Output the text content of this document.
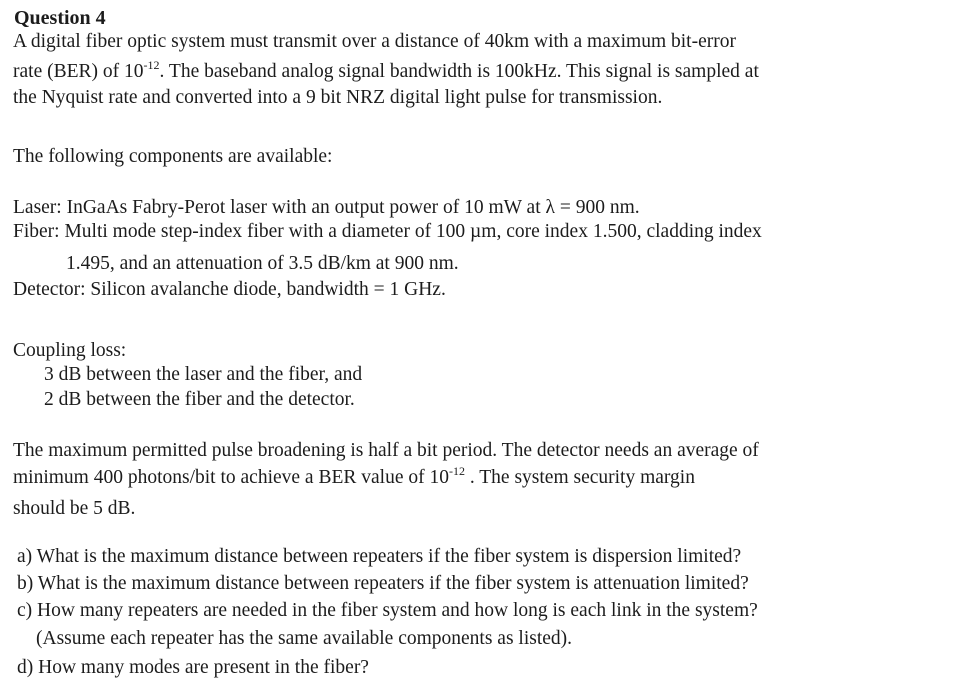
Question 4
A digital fiber optic system must transmit over a distance of 40km with a maximum bit-error
rate (BER) of $10^{-12}$. The baseband analog signal bandwidth is 100kHz. This signal is sampled at
the Nyquist rate and converted into a 9 bit NRZ digital light pulse for transmission.
The following components are available:
Laser: InGaAs Fabry-Perot laser with an output power of 10 mW at λ = 900 nm.
Fiber: Multi mode step-index fiber with a diameter of 100 µm, core index 1.500, cladding index
1.495, and an attenuation of 3.5 dB/km at 900 nm.
Detector: Silicon avalanche diode, bandwidth = 1 GHz.
Coupling loss:
3 dB between the laser and the fiber, and
2 dB between the fiber and the detector.
The maximum permitted pulse broadening is half a bit period. The detector needs an average of
minimum 400 photons/bit to achieve a BER value of $10^{-12}$ . The system security margin
should be 5 dB.
a) What is the maximum distance between repeaters if the fiber system is dispersion limited?
b) What is the maximum distance between repeaters if the fiber system is attenuation limited?
c) How many repeaters are needed in the fiber system and how long is each link in the system?
(Assume each repeater has the same available components as listed).
d) How many modes are present in the fiber?
